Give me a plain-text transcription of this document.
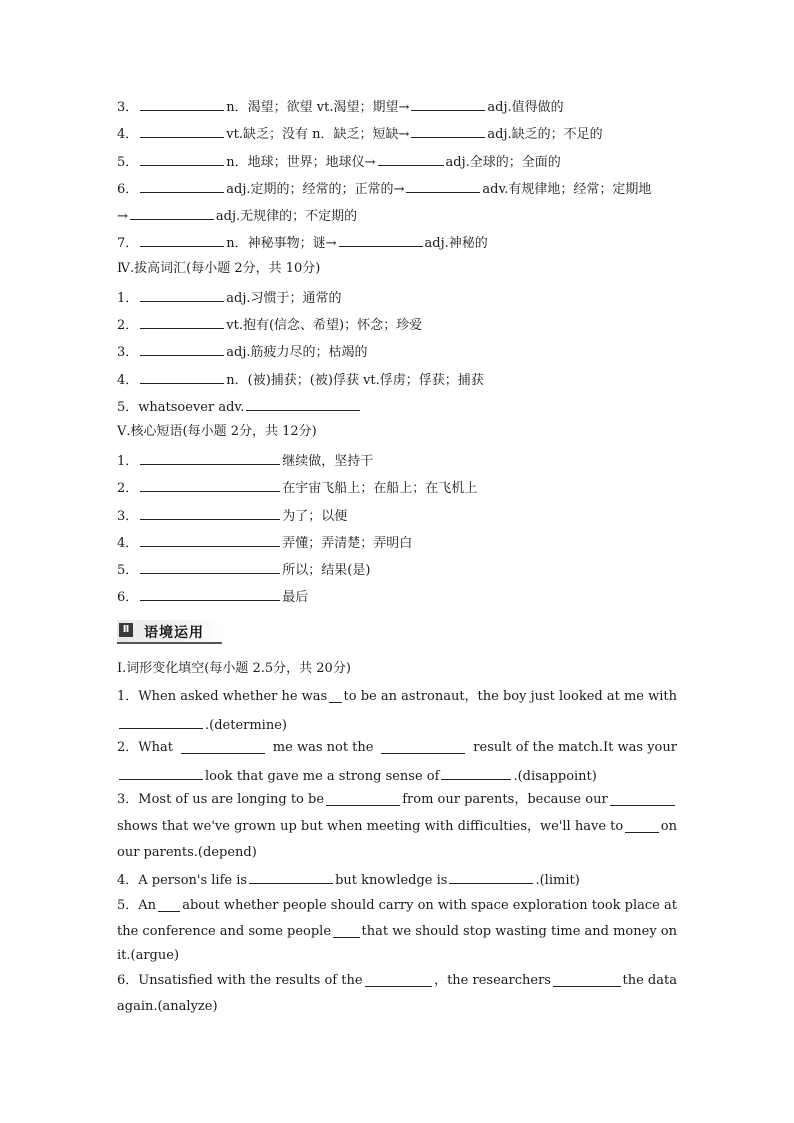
3．	n．渴望；欲望 vt.渴望；期望→	adj.值得做的
4．	vt.缺乏；没有 n．缺乏；短缺→	adj.缺乏的；不足的
5．	n．地球；世界；地球仪→	adj.全球的；全面的
6．	adj.定期的；经常的；正常的→	adv.有规律地；经常；定期地
→	adj.无规律的；不定期的
7．	n．神秘事物；谜→	adj.神秘的
Ⅳ.拔高词汇(每小题 2分，共 10分)
1．	adj.习惯于；通常的
2．	vt.抱有(信念、希望)；怀念；珍爱
3．	adj.筋疲力尽的；枯竭的
4．	n．(被)捕获；(被)俘获 vt.俘虏；俘获；捕获
5．whatsoever adv.
Ⅴ.核心短语(每小题 2分，共 12分)
1．	继续做，坚持干
2．	在宇宙飞船上；在船上；在飞机上
3．	为了；以便
4．	弄懂；弄清楚；弄明白
5．	所以；结果(是)
6．	最后
Ⅱ 语境运用
Ⅰ.词形变化填空(每小题 2.5分，共 20分)
1．When asked whether he was to be an astronaut，the boy just looked at me with
.(determine)
2．What	me was not the	result of the match.It was your
look that gave me a strong sense of	.(disappoint)
3．Most of us are longing to be	from our parents，because our
shows that we've grown up but when meeting with difficulties，we'll have to	on
our parents.(depend)
4．A person's life is	but knowledge is	.(limit)
5．An about whether people should carry on with space exploration took place at
the conference and some people that we should stop wasting time and money on
it.(argue)
6．Unsatisfied with the results of the	，the researchers	the data
again.(analyze)
